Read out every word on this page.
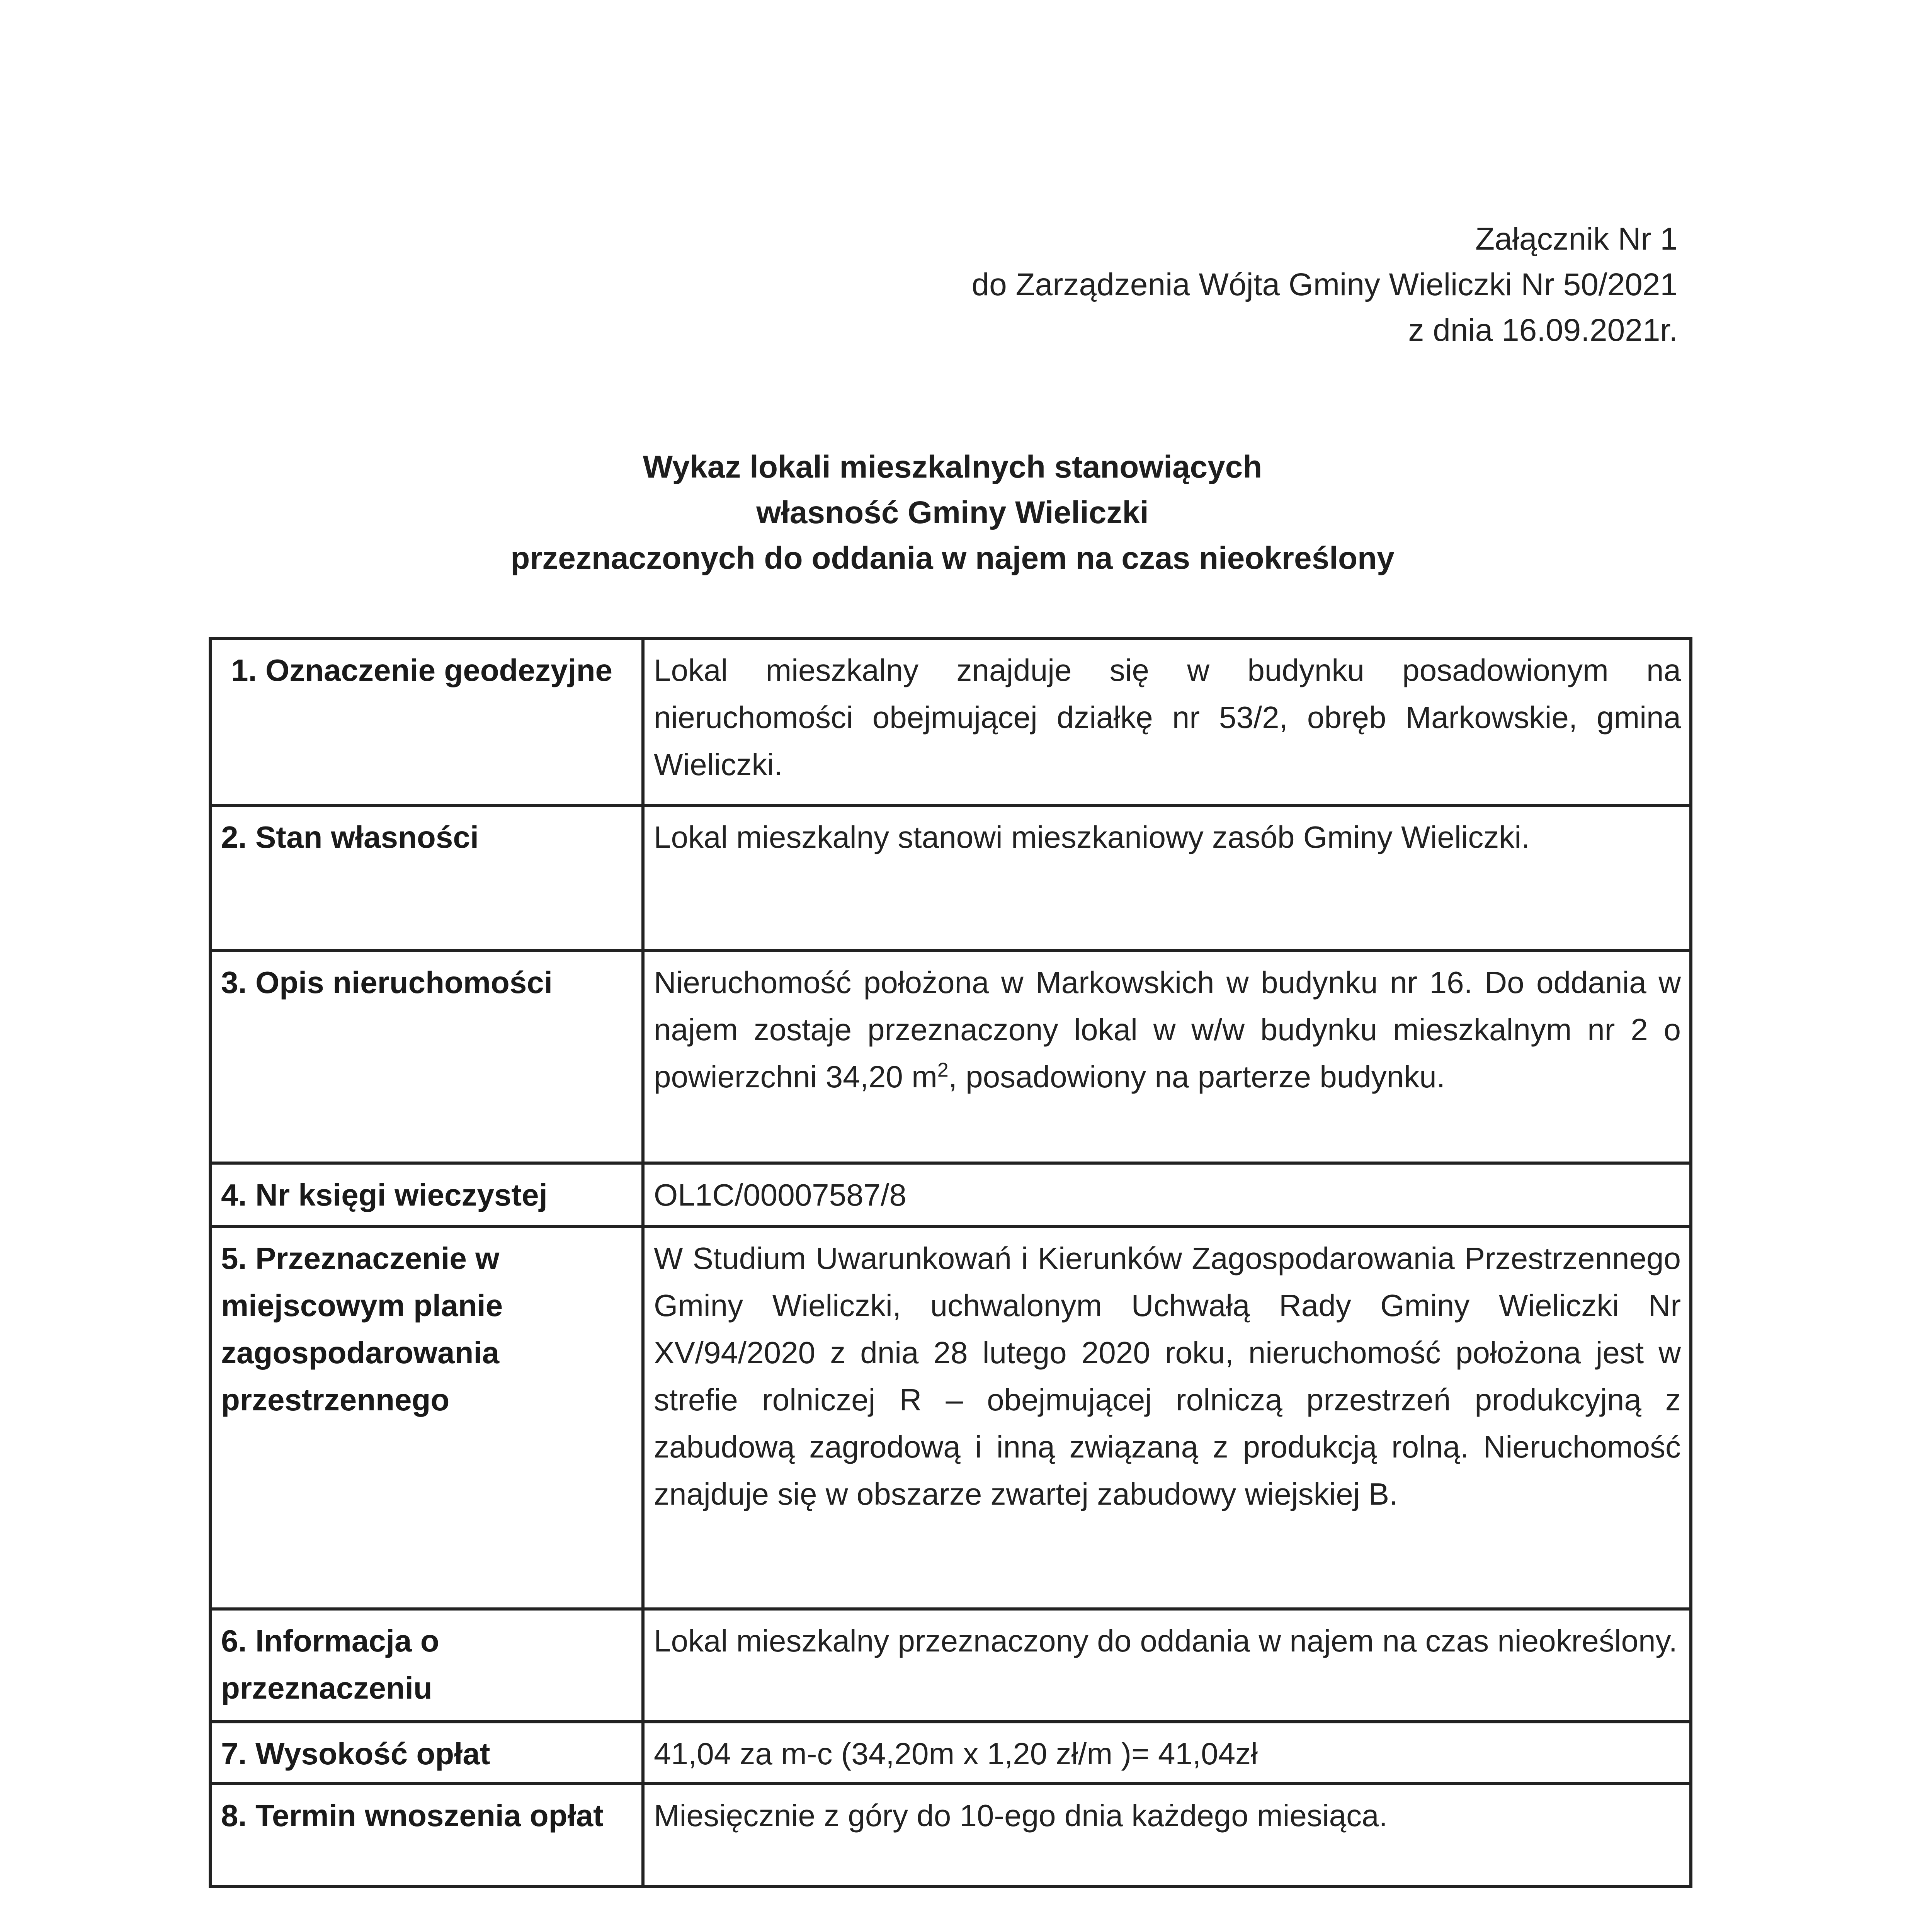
Załącznik Nr 1
do Zarządzenia Wójta Gminy Wieliczki Nr 50/2021
z dnia 16.09.2021r.
Wykaz lokali mieszkalnych stanowiących
własność Gminy Wieliczki
przeznaczonych do oddania w najem na czas nieokreślony
1. Oznaczenie geodezyjne	Lokal mieszkalny znajduje się w budynku posadowionym na nieruchomości obejmującej działkę nr 53/2, obręb Markowskie, gmina Wieliczki.
2. Stan własności	Lokal mieszkalny stanowi mieszkaniowy zasób Gminy Wieliczki.
3. Opis nieruchomości	Nieruchomość położona w Markowskich w budynku nr 16. Do oddania w najem zostaje przeznaczony lokal w w/w budynku mieszkalnym nr 2 o powierzchni 34,20 $m^2$, posadowiony na parterze budynku.
4. Nr księgi wieczystej	OL1C/00007587/8
5. Przeznaczenie w miejscowym planie zagospodarowania przestrzennego	W Studium Uwarunkowań i Kierunków Zagospodarowania Przestrzennego Gminy Wieliczki, uchwalonym Uchwałą Rady Gminy Wieliczki Nr XV/94/2020 z dnia 28 lutego 2020 roku, nieruchomość położona jest w strefie rolniczej R – obejmującej rolniczą przestrzeń produkcyjną z zabudową zagrodową i inną związaną z produkcją rolną. Nieruchomość znajduje się w obszarze zwartej zabudowy wiejskiej B.
6. Informacja o przeznaczeniu	Lokal mieszkalny przeznaczony do oddania w najem na czas nieokreślony.
7. Wysokość opłat	41,04 za m-c (34,20m x 1,20 zł/m )= 41,04zł
8. Termin wnoszenia opłat	Miesięcznie z góry do 10-ego dnia każdego miesiąca.
